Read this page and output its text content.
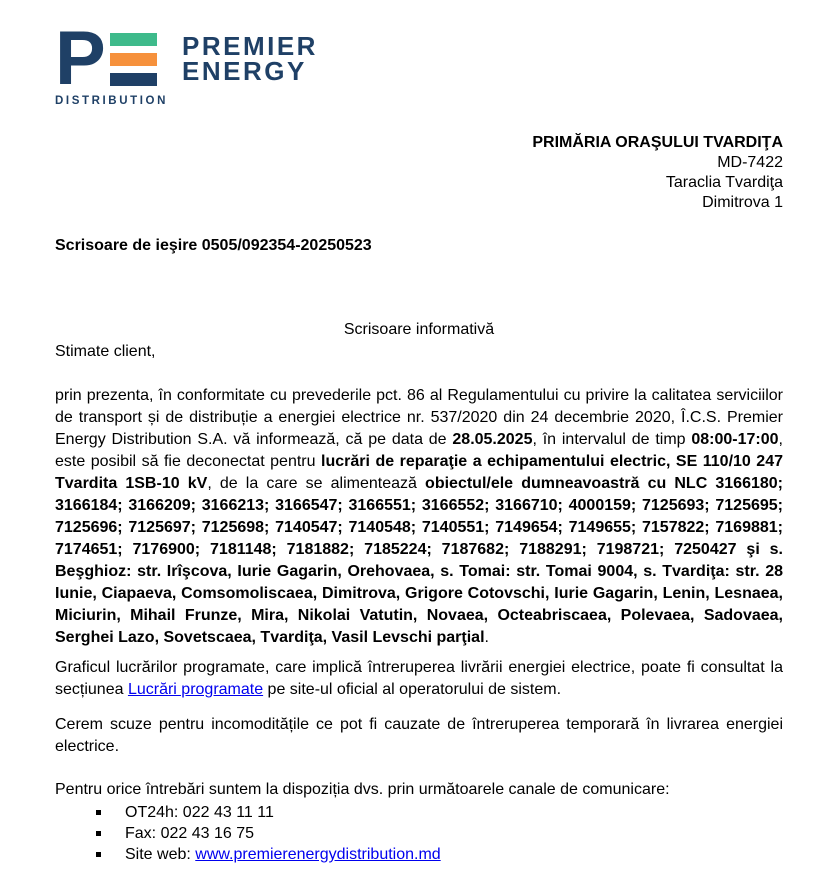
P
DISTRIBUTION
PREMIER
ENERGY
PRIMĂRIA ORAŞULUI TVARDIŢA
MD-7422
Taraclia Tvardiţa
Dimitrova 1
Scrisoare de ieşire 0505/092354-20250523
Scrisoare informativă
Stimate client,

prin prezenta, în conformitate cu prevederile pct. 86 al Regulamentului cu privire la calitatea serviciilor de transport și de distribuție a energiei electrice nr. 537/2020 din 24 decembrie 2020, Î.C.S. Premier Energy Distribution S.A. vă informează, că pe data de 28.05.2025, în intervalul de timp 08:00-17:00, este posibil să fie deconectat pentru lucrări de reparaţie a echipamentului electric, SE 110/10 247 Tvardita 1SB-10 kV, de la care se alimentează obiectul/ele dumneavoastră cu NLC 3166180; 3166184; 3166209; 3166213; 3166547; 3166551; 3166552; 3166710; 4000159; 7125693; 7125695; 7125696; 7125697; 7125698; 7140547; 7140548; 7140551; 7149654; 7149655; 7157822; 7169881; 7174651; 7176900; 7181148; 7181882; 7185224; 7187682; 7188291; 7198721; 7250427 şi s. Beşghioz: str. Irîşcova, Iurie Gagarin, Orehovaea, s. Tomai: str. Tomai 9004, s. Tvardiţa: str. 28 Iunie, Ciapaeva, Comsomoliscaea, Dimitrova, Grigore Cotovschi, Iurie Gagarin, Lenin, Lesnaea, Miciurin, Mihail Frunze, Mira, Nikolai Vatutin, Novaea, Octeabriscaea, Polevaea, Sadovaea, Serghei Lazo, Sovetscaea, Tvardiţa, Vasil Levschi parţial.

Graficul lucrărilor programate, care implică întreruperea livrării energiei electrice, poate fi consultat la secțiunea Lucrări programate pe site-ul oficial al operatorului de sistem.

Cerem scuze pentru incomoditățile ce pot fi cauzate de întreruperea temporară în livrarea energiei electrice.

Pentru orice întrebări suntem la dispoziția dvs. prin următoarele canale de comunicare:

OT24h: 022 43 11 11
Fax: 022 43 16 75
Site web: www.premierenergydistribution.md
